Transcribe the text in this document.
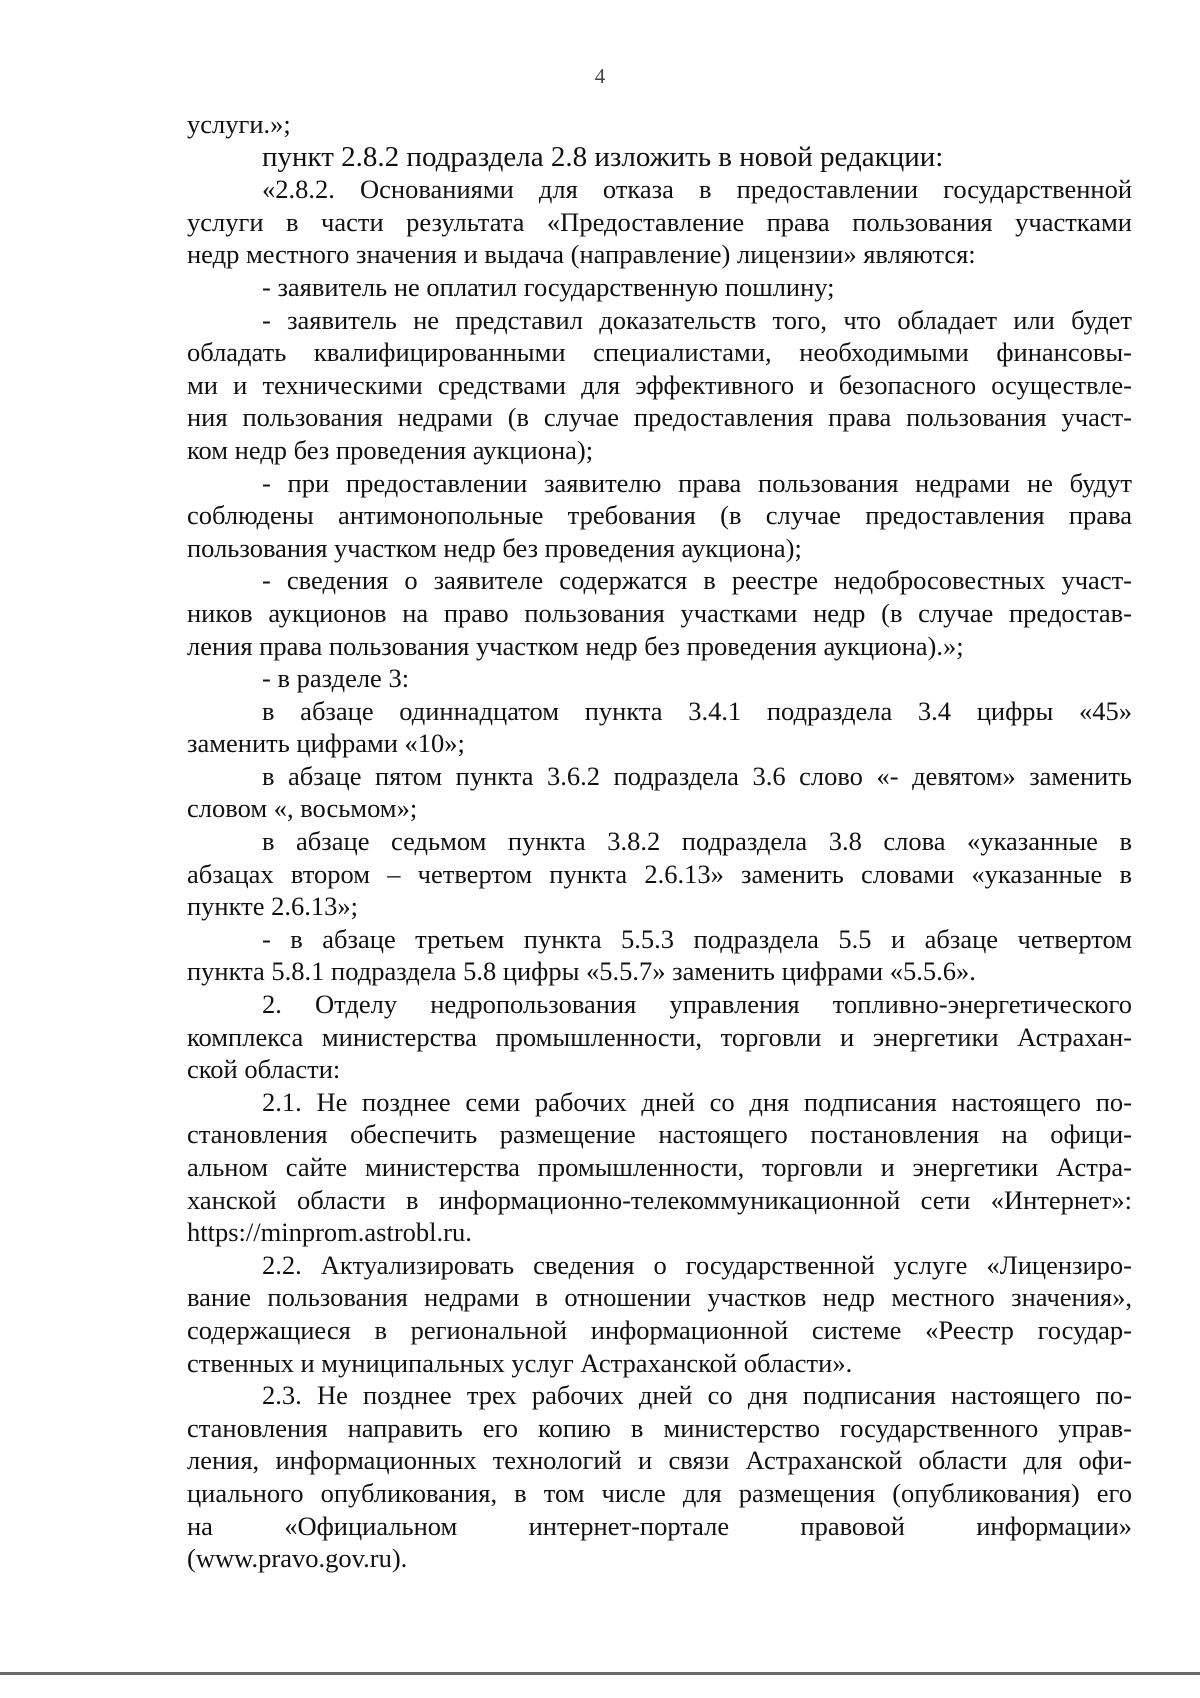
4
услуги.»;
пункт 2.8.2 подраздела 2.8 изложить в новой редакции:
«2.8.2. Основаниями для отказа в предоставлении государственной
услуги в части результата «Предоставление права пользования участками
недр местного значения и выдача (направление) лицензии» являются:
- заявитель не оплатил государственную пошлину;
- заявитель не представил доказательств того, что обладает или будет
обладать квалифицированными специалистами, необходимыми финансовы-
ми и техническими средствами для эффективного и безопасного осуществле-
ния пользования недрами (в случае предоставления права пользования участ-
ком недр без проведения аукциона);
- при предоставлении заявителю права пользования недрами не будут
соблюдены антимонопольные требования (в случае предоставления права
пользования участком недр без проведения аукциона);
- сведения о заявителе содержатся в реестре недобросовестных участ-
ников аукционов на право пользования участками недр (в случае предостав-
ления права пользования участком недр без проведения аукциона).»;
- в разделе 3:
в абзаце одиннадцатом пункта 3.4.1 подраздела 3.4 цифры «45»
заменить цифрами «10»;
в абзаце пятом пункта 3.6.2 подраздела 3.6 слово «- девятом» заменить
словом «, восьмом»;
в абзаце седьмом пункта 3.8.2 подраздела 3.8 слова «указанные в
абзацах втором – четвертом пункта 2.6.13» заменить словами «указанные в
пункте 2.6.13»;
- в абзаце третьем пункта 5.5.3 подраздела 5.5 и абзаце четвертом
пункта 5.8.1 подраздела 5.8 цифры «5.5.7» заменить цифрами «5.5.6».
2. Отделу недропользования управления топливно-энергетического
комплекса министерства промышленности, торговли и энергетики Астрахан-
ской области:
2.1. Не позднее семи рабочих дней со дня подписания настоящего по-
становления обеспечить размещение настоящего постановления на офици-
альном сайте министерства промышленности, торговли и энергетики Астра-
ханской области в информационно-телекоммуникационной сети «Интернет»:
https://minprom.astrobl.ru.
2.2. Актуализировать сведения о государственной услуге «Лицензиро-
вание пользования недрами в отношении участков недр местного значения»,
содержащиеся в региональной информационной системе «Реестр государ-
ственных и муниципальных услуг Астраханской области».
2.3. Не позднее трех рабочих дней со дня подписания настоящего по-
становления направить его копию в министерство государственного управ-
ления, информационных технологий и связи Астраханской области для офи-
циального опубликования, в том числе для размещения (опубликования) его
на «Официальном интернет-портале правовой информации»
(www.pravo.gov.ru).
